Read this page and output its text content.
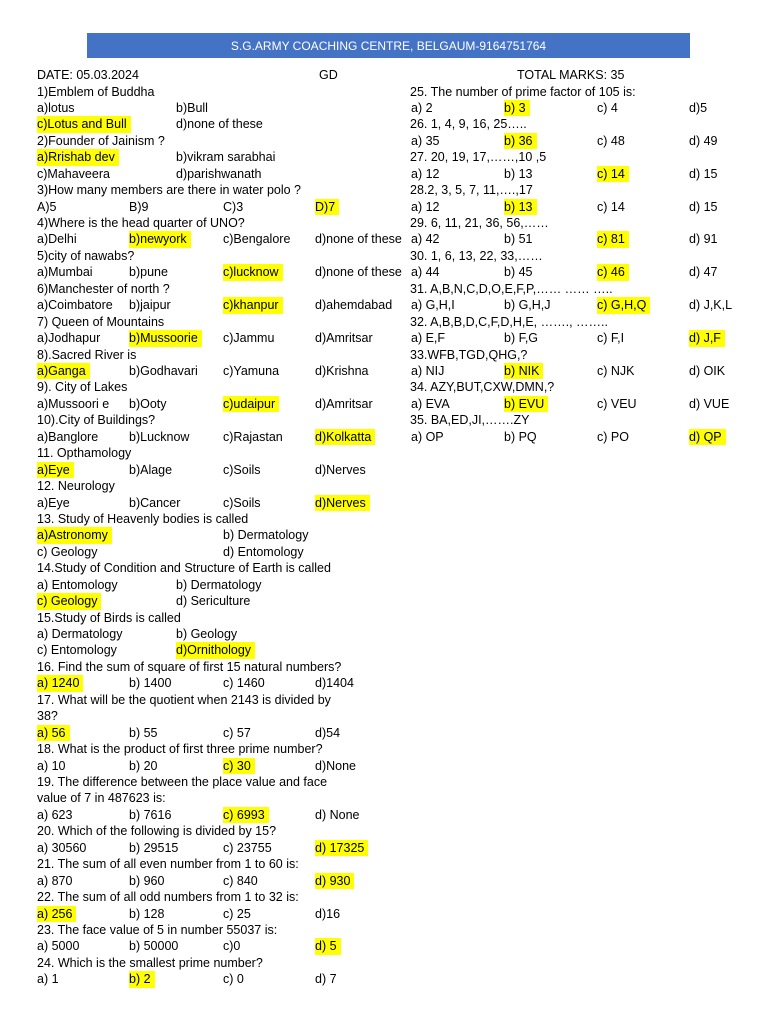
S.G.ARMY COACHING CENTRE, BELGAUM-9164751764
DATE: 05.03.2024	GD	TOTAL MARKS: 35
1)Emblem of Buddha
a)lotus	b)Bull
c)Lotus and Bull	d)none of these
2)Founder of Jainism ?
a)Rrishab dev	b)vikram sarabhai
c)Mahaveera	d)parishwanath
3)How many members are there in water polo ?
A)5	B)9	C)3	D)7
4)Where is the head quarter of UNO?
a)Delhi	b)newyork	c)Bengalore d)none of these
5)city of nawabs?
a)Mumbai	b)pune	c)lucknow	d)none of these
6)Manchester of north ?
a)Coimbatore b)jaipur	c)khanpur	d)ahemdabad
7) Queen of Mountains
a)Jodhapur b)Mussoorie	c)Jammu	d)Amritsar
8).Sacred River is
a)Ganga	b)Godhavari c)Yamuna	d)Krishna
9). City of Lakes
a)Mussoori e b)Ooty	c)udaipur	d)Amritsar
10).City of Buildings?
a)Banglore b)Lucknow	c)Rajastan	d)Kolkatta
11. Opthamology
a)Eye	b)Alage	c)Soils	d)Nerves
12. Neurology
a)Eye	b)Cancer	c)Soils	d)Nerves
13. Study of Heavenly bodies is called
a)Astronomy	b) Dermatology
c) Geology	d) Entomology
14.Study of Condition and Structure of Earth is called
a) Entomology	b) Dermatology
c) Geology	d) Sericulture
15.Study of Birds is called
a) Dermatology	b) Geology
c) Entomology	d)Ornithology
16. Find the sum of square of first 15 natural numbers?
a) 1240	b) 1400	c) 1460	d)1404
17. What will be the quotient when 2143 is divided by
38?
a) 56	b) 55	c) 57	d)54
18. What is the product of first three prime number?
a) 10	b) 20	c) 30	d)None
19. The difference between the place value and face
value of 7 in 487623 is:
a) 623	b) 7616	c) 6993	d) None
20. Which of the following is divided by 15?
a) 30560	b) 29515	c) 23755	d) 17325
21. The sum of all even number from 1 to 60 is:
a) 870	b) 960	c) 840	d) 930
22. The sum of all odd numbers from 1 to 32 is:
a) 256	b) 128	c) 25	d)16
23. The face value of 5 in number 55037 is:
a) 5000	b) 50000	c)0	d) 5
24. Which is the smallest prime number?
a) 1	b) 2	c) 0	d) 7
25. The number of prime factor of 105 is:
a) 2	b) 3	c) 4	d)5
26. 1, 4, 9, 16, 25…..
a) 35	b) 36	c) 48	d) 49
27. 20, 19, 17,……,10 ,5
a) 12	b) 13	c) 14	d) 15
28.2, 3, 5, 7, 11,….,17
a) 12	b) 13	c) 14	d) 15
29. 6, 11, 21, 36, 56,……
a) 42	b) 51	c) 81	d) 91
30. 1, 6, 13, 22, 33,……
a) 44	b) 45	c) 46	d) 47
31. A,B,N,C,D,O,E,F,P,…… …… …..
a) G,H,I	b) G,H,J	c) G,H,Q	d) J,K,L
32. A,B,B,D,C,F,D,H,E, ……., ……..
a) E,F	b) F,G	c) F,I	d) J,F
33.WFB,TGD,QHG,?
a) NIJ	b) NIK	c) NJK	d) OIK
34. AZY,BUT,CXW,DMN,?
a) EVA	b) EVU	c) VEU	d) VUE
35. BA,ED,JI,…….ZY
a) OP	b) PQ	c) PO	d) QP
